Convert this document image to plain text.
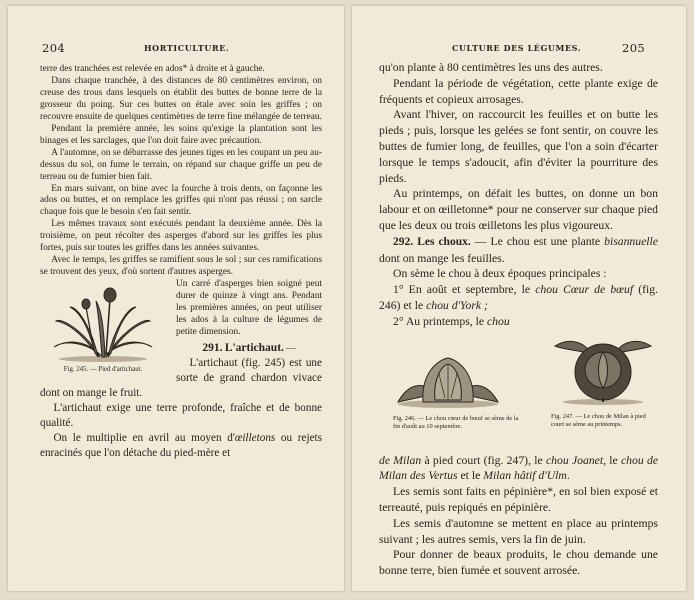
204	HORTICULTURE.

terre des tranchées est relevée en ados* à droite et à gauche.

Dans chaque tranchée, à des distances de 80 centimètres environ, on creuse des trous dans lesquels on établit des buttes de bonne terre de la grosseur du poing. Sur ces buttes on étale avec soin les griffes ; on recouvre ensuite de quelques centimètres de terre fine mélangée de terreau.

Pendant la première année, les soins qu'exige la plantation sont les binages et les sarclages, que l'on doit faire avec précaution.

A l'automne, on se débarrasse des jeunes tiges en les coupant un peu au-dessus du sol, on fume le terrain, on répand sur chaque griffe un peu de terreau ou de fumier bien fait.

En mars suivant, on bine avec la fourche à trois dents, on façonne les ados ou buttes, et on remplace les griffes qui n'ont pas réussi ; on sarcle chaque fois que le besoin s'en fait sentir.

Les mêmes travaux sont exécutés pendant la deuxième année. Dès la troisième, on peut récolter des asperges d'abord sur les griffes les plus fortes, puis sur toutes les griffes dans les années suivantes.

Avec le temps, les griffes se ramifient sous le sol ; sur ces ramifications se trouvent des yeux, d'où sortent d'autres asperges.

Fig. 245. — Pied d'artichaut.

Un carré d'asperges bien soigné peut durer de quinze à vingt ans. Pendant les premières années, on peut utiliser les ados à la culture de légumes de petite dimension.

291. L'artichaut. —

L'artichaut (fig. 245) est une sorte de grand chardon vivace dont on mange le fruit.

L'artichaut exige une terre profonde, fraîche et de bonne qualité.

On le multiplie en avril au moyen d'œilletons ou rejets enracinés que l'on détache du pied-mère et

CULTURE DES LÉGUMES.	205

qu'on plante à 80 centimètres les uns des autres.

Pendant la période de végétation, cette plante exige de fréquents et copieux arrosages.

Avant l'hiver, on raccourcit les feuilles et on butte les pieds ; puis, lorsque les gelées se font sentir, on couvre les buttes de fumier long, de feuilles, que l'on a soin d'écarter lorsque le temps s'adoucit, afin d'éviter la pourriture des pieds.

Au printemps, on défait les buttes, on donne un bon labour et on œilletonne* pour ne conserver sur chaque pied que les deux ou trois œilletons les plus vigoureux.

292. Les choux. — Le chou est une plante bisannuelle dont on mange les feuilles.

On sème le chou à deux époques principales :

1° En août et septembre, le chou Cœur de bœuf (fig. 246) et le chou d'York ;

2° Au printemps, le chou

Fig. 246. — Le chou cœur de bœuf se sème de la fin d'août au 10 septembre.
Fig. 247. — Le chou de Milan à pied court se sème au printemps.

de Milan à pied court (fig. 247), le chou Joanet, le chou de Milan des Vertus et le Milan hâtif d'Ulm.

Les semis sont faits en pépinière*, en sol bien exposé et terreauté, puis repiqués en pépinière.

Les semis d'automne se mettent en place au printemps suivant ; les autres semis, vers la fin de juin.

Pour donner de beaux produits, le chou demande une bonne terre, bien fumée et souvent arrosée.
